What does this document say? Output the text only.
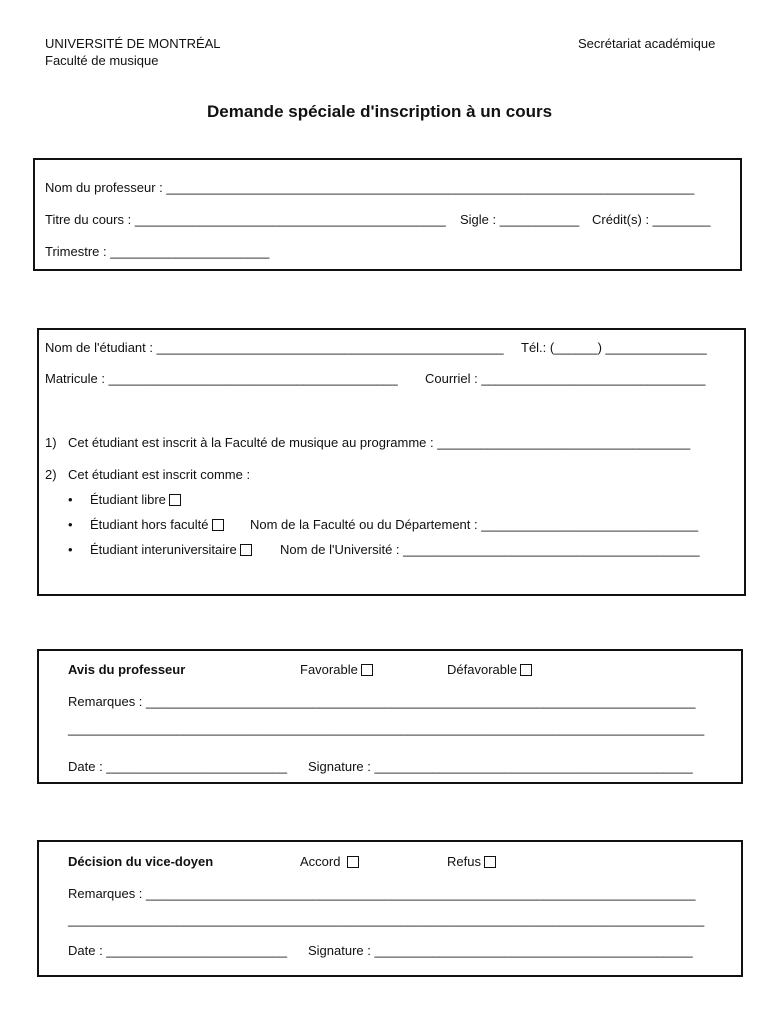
UNIVERSITÉ DE MONTRÉAL
Faculté de musique
Secrétariat académique
Demande spéciale d'inscription à un cours
Nom du professeur : _________________________________________________________________________
Titre du cours : ___________________________________________ Sigle : ___________ Crédit(s) : ________
Trimestre : ______________________
Nom de l'étudiant : ________________________________________________ Tél.: (______) ______________
Matricule : ________________________________________ Courriel : _______________________________
1) Cet étudiant est inscrit à la Faculté de musique au programme : ___________________________________
2) Cet étudiant est inscrit comme :
• Étudiant libre
• Étudiant hors faculté	Nom de la Faculté ou du Département : ______________________________
• Étudiant interuniversitaire	Nom de l'Université : _________________________________________
Avis du professeur	Favorable	Défavorable
Remarques : ____________________________________________________________________________
________________________________________________________________________________________
Date : _________________________ Signature : ____________________________________________
Décision du vice-doyen	Accord	Refus
Remarques : ____________________________________________________________________________
________________________________________________________________________________________
Date : _________________________ Signature : ____________________________________________
